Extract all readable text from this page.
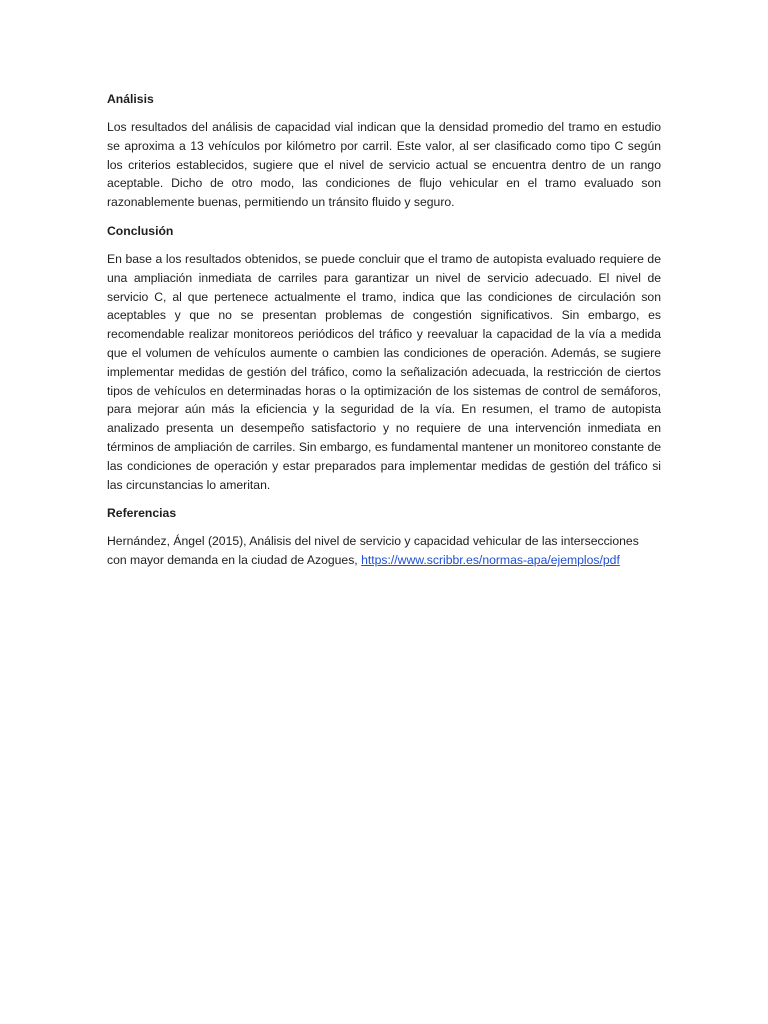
Análisis

Los resultados del análisis de capacidad vial indican que la densidad promedio del tramo en estudio se aproxima a 13 vehículos por kilómetro por carril. Este valor, al ser clasificado como tipo C según los criterios establecidos, sugiere que el nivel de servicio actual se encuentra dentro de un rango aceptable. Dicho de otro modo, las condiciones de flujo vehicular en el tramo evaluado son razonablemente buenas, permitiendo un tránsito fluido y seguro.

Conclusión

En base a los resultados obtenidos, se puede concluir que el tramo de autopista evaluado requiere de una ampliación inmediata de carriles para garantizar un nivel de servicio adecuado. El nivel de servicio C, al que pertenece actualmente el tramo, indica que las condiciones de circulación son aceptables y que no se presentan problemas de congestión significativos. Sin embargo, es recomendable realizar monitoreos periódicos del tráfico y reevaluar la capacidad de la vía a medida que el volumen de vehículos aumente o cambien las condiciones de operación. Además, se sugiere implementar medidas de gestión del tráfico, como la señalización adecuada, la restricción de ciertos tipos de vehículos en determinadas horas o la optimización de los sistemas de control de semáforos, para mejorar aún más la eficiencia y la seguridad de la vía. En resumen, el tramo de autopista analizado presenta un desempeño satisfactorio y no requiere de una intervención inmediata en términos de ampliación de carriles. Sin embargo, es fundamental mantener un monitoreo constante de las condiciones de operación y estar preparados para implementar medidas de gestión del tráfico si las circunstancias lo ameritan.

Referencias

Hernández, Ángel (2015), Análisis del nivel de servicio y capacidad vehicular de las intersecciones con mayor demanda en la ciudad de Azogues, https://www.scribbr.es/normas-apa/ejemplos/pdf
